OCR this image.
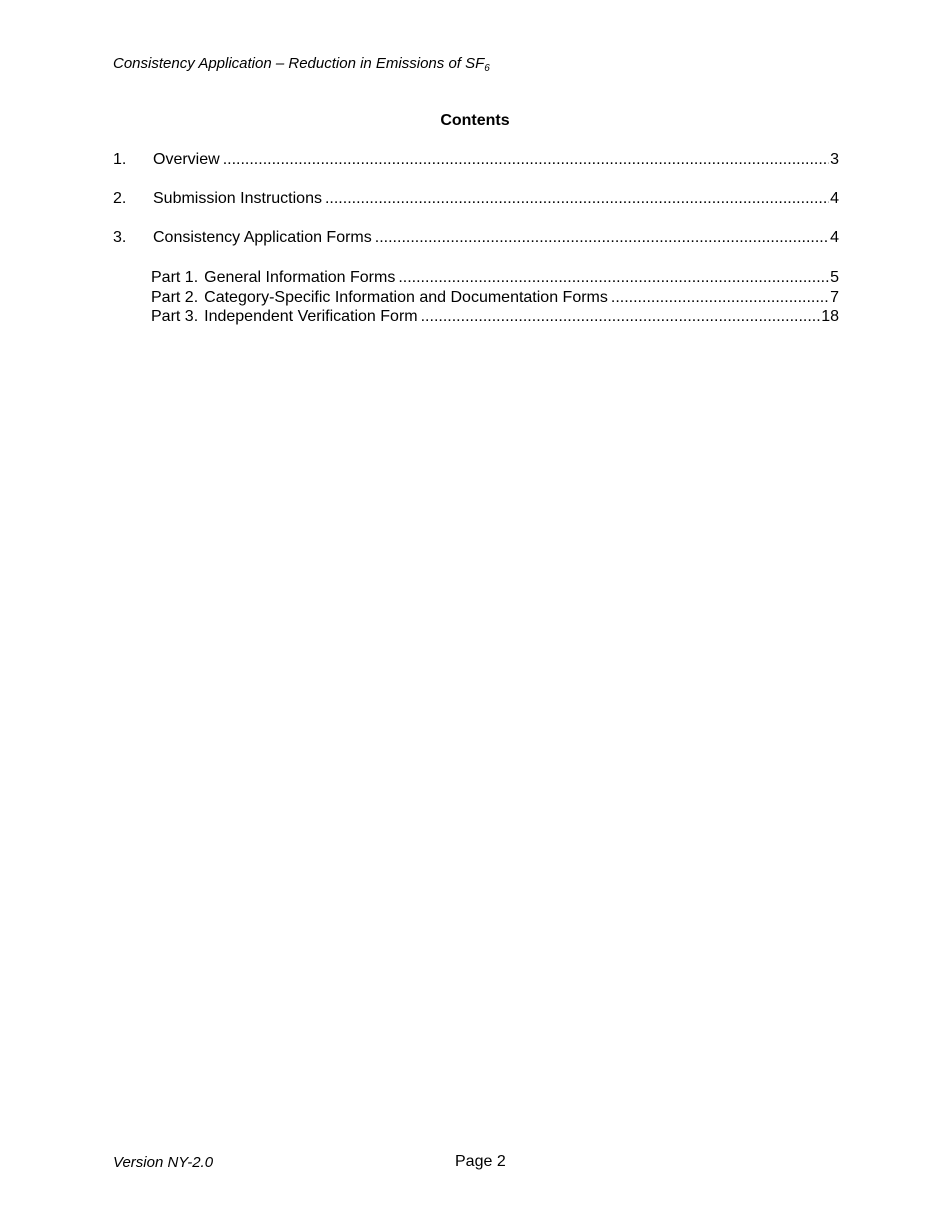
Consistency Application – Reduction in Emissions of $SF_6$
Contents
1.	Overview .....	3
2.	Submission Instructions .....	4
3.	Consistency Application Forms .....	4
Part 1. General Information Forms .....	5
Part 2. Category-Specific Information and Documentation Forms .....	7
Part 3. Independent Verification Form .....	18
Version NY-2.0	Page 2
